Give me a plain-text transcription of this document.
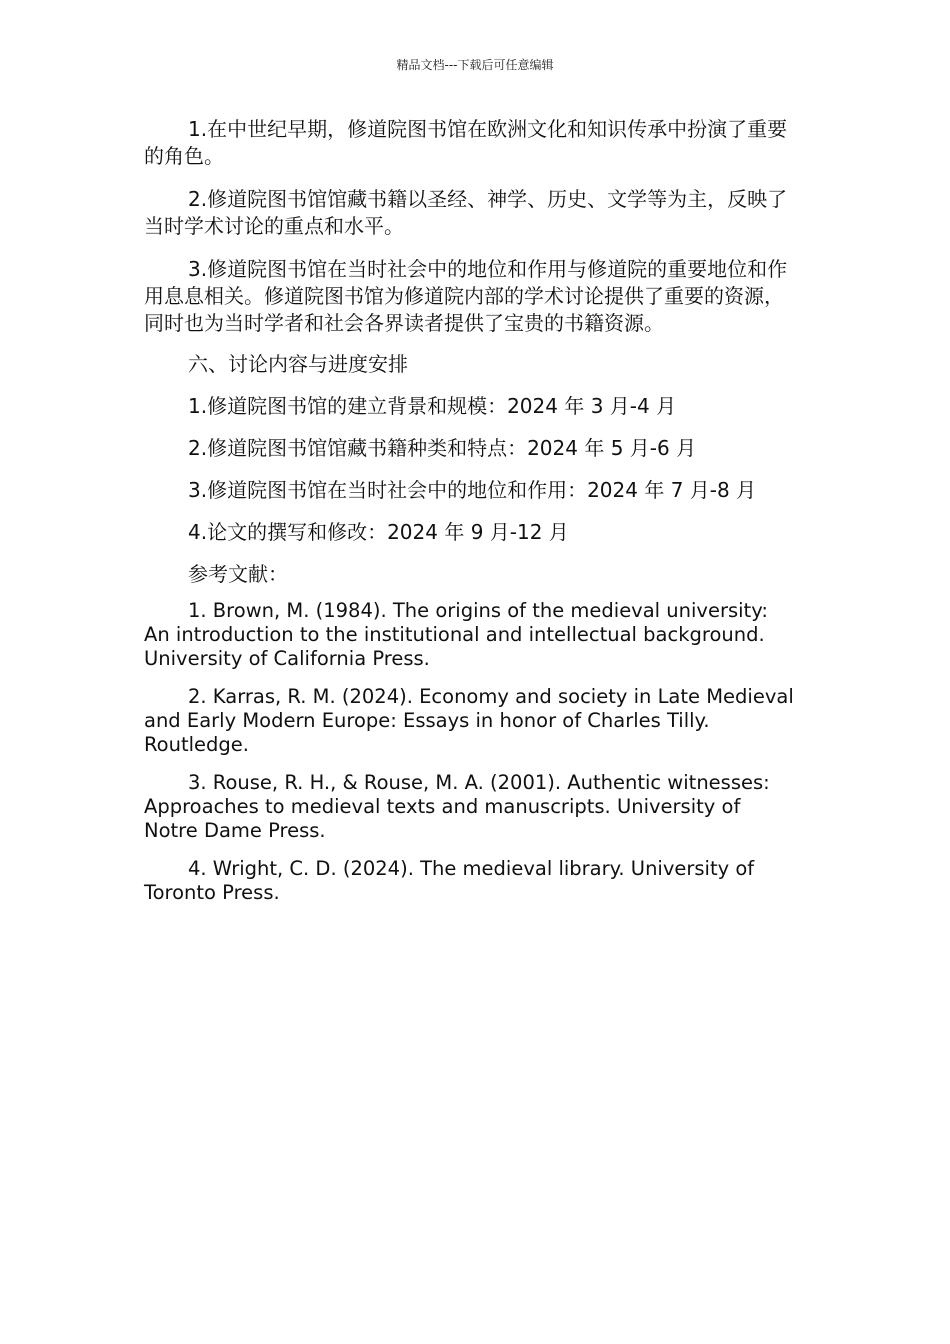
精品文档---下载后可任意编辑

1.在中世纪早期，修道院图书馆在欧洲文化和知识传承中扮演了重要的角色。

2.修道院图书馆馆藏书籍以圣经、神学、历史、文学等为主，反映了当时学术讨论的重点和水平。

3.修道院图书馆在当时社会中的地位和作用与修道院的重要地位和作用息息相关。修道院图书馆为修道院内部的学术讨论提供了重要的资源，同时也为当时学者和社会各界读者提供了宝贵的书籍资源。

六、讨论内容与进度安排

1.修道院图书馆的建立背景和规模：2024 年 3 月-4 月

2.修道院图书馆馆藏书籍种类和特点：2024 年 5 月-6 月

3.修道院图书馆在当时社会中的地位和作用：2024 年 7 月-8 月

4.论文的撰写和修改：2024 年 9 月-12 月

参考文献：

1. Brown, M. (1984). The origins of the medieval university: An introduction to the institutional and intellectual background. University of California Press.

2. Karras, R. M. (2024). Economy and society in Late Medieval and Early Modern Europe: Essays in honor of Charles Tilly. Routledge.

3. Rouse, R. H., & Rouse, M. A. (2001). Authentic witnesses: Approaches to medieval texts and manuscripts. University of Notre Dame Press.

4. Wright, C. D. (2024). The medieval library. University of Toronto Press.
